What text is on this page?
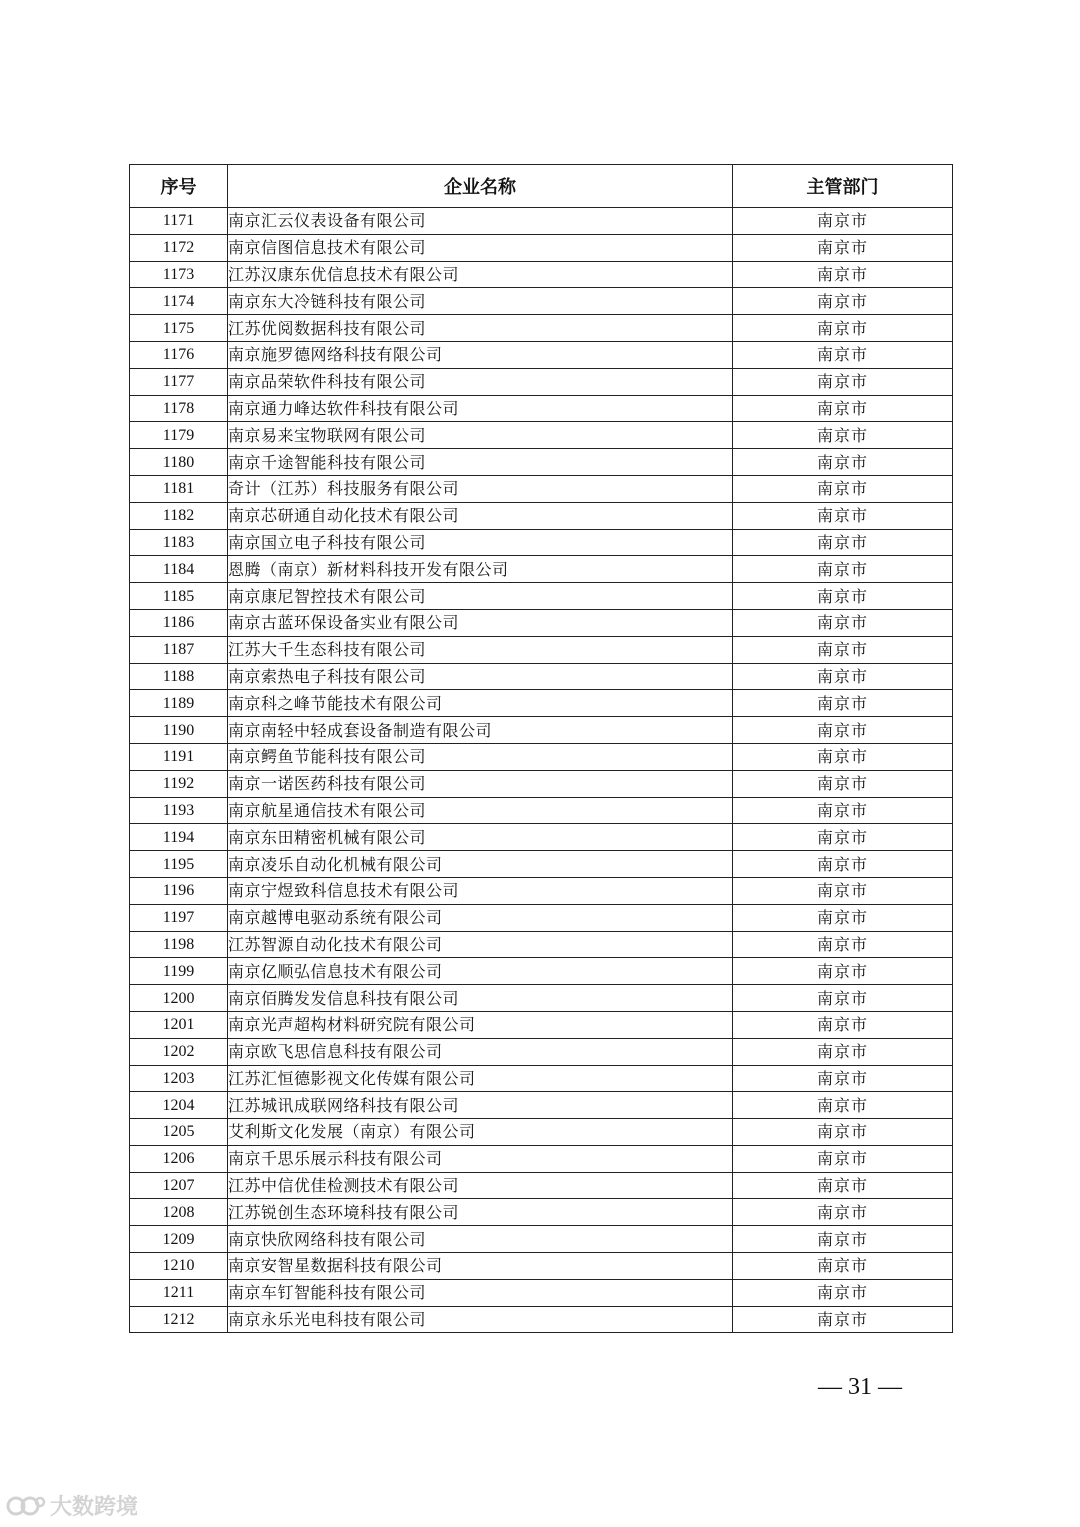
序号	企业名称	主管部门
1171	南京汇云仪表设备有限公司	南京市
1172	南京信图信息技术有限公司	南京市
1173	江苏汉康东优信息技术有限公司	南京市
1174	南京东大冷链科技有限公司	南京市
1175	江苏优阅数据科技有限公司	南京市
1176	南京施罗德网络科技有限公司	南京市
1177	南京品荣软件科技有限公司	南京市
1178	南京通力峰达软件科技有限公司	南京市
1179	南京易来宝物联网有限公司	南京市
1180	南京千途智能科技有限公司	南京市
1181	奇计（江苏）科技服务有限公司	南京市
1182	南京芯研通自动化技术有限公司	南京市
1183	南京国立电子科技有限公司	南京市
1184	恩腾（南京）新材料科技开发有限公司	南京市
1185	南京康尼智控技术有限公司	南京市
1186	南京古蓝环保设备实业有限公司	南京市
1187	江苏大千生态科技有限公司	南京市
1188	南京索热电子科技有限公司	南京市
1189	南京科之峰节能技术有限公司	南京市
1190	南京南轻中轻成套设备制造有限公司	南京市
1191	南京鳄鱼节能科技有限公司	南京市
1192	南京一诺医药科技有限公司	南京市
1193	南京航星通信技术有限公司	南京市
1194	南京东田精密机械有限公司	南京市
1195	南京凌乐自动化机械有限公司	南京市
1196	南京宁煜致科信息技术有限公司	南京市
1197	南京越博电驱动系统有限公司	南京市
1198	江苏智源自动化技术有限公司	南京市
1199	南京亿顺弘信息技术有限公司	南京市
1200	南京佰腾发发信息科技有限公司	南京市
1201	南京光声超构材料研究院有限公司	南京市
1202	南京欧飞思信息科技有限公司	南京市
1203	江苏汇恒德影视文化传媒有限公司	南京市
1204	江苏城讯成联网络科技有限公司	南京市
1205	艾利斯文化发展（南京）有限公司	南京市
1206	南京千思乐展示科技有限公司	南京市
1207	江苏中信优佳检测技术有限公司	南京市
1208	江苏锐创生态环境科技有限公司	南京市
1209	南京快欣网络科技有限公司	南京市
1210	南京安智星数据科技有限公司	南京市
1211	南京车钉智能科技有限公司	南京市
1212	南京永乐光电科技有限公司	南京市
— 31 —
大数跨境
